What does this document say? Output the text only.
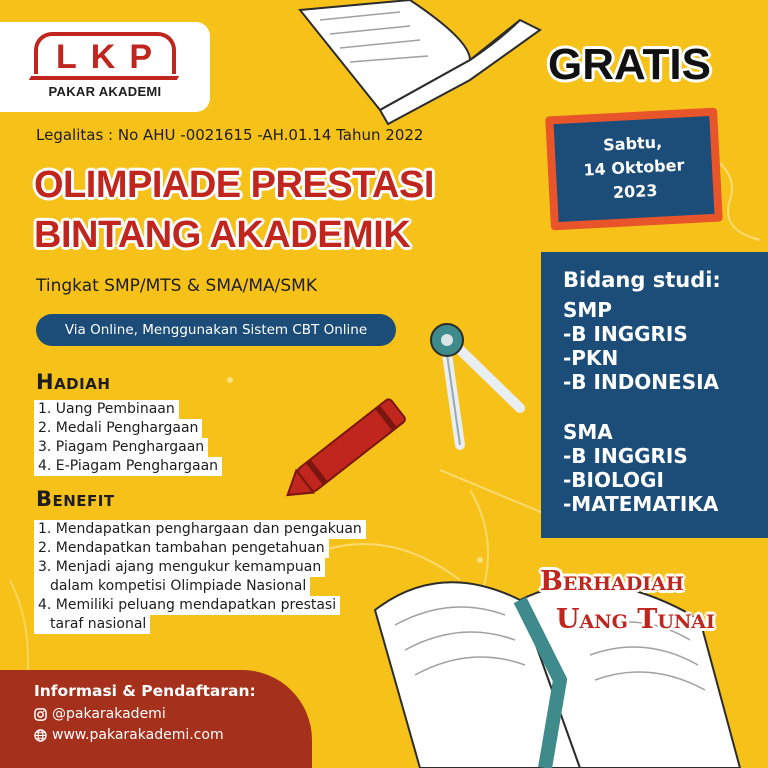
LKP
PAKAR AKADEMI
Legalitas : No AHU -0021615 -AH.01.14 Tahun 2022
OLIMPIADE PRESTASI
BINTANG AKADEMIK
Tingkat SMP/MTS & SMA/MA/SMK
Via Online, Menggunakan Sistem CBT Online
Hadiah
1. Uang Pembinaan
2. Medali Penghargaan
3. Piagam Penghargaan
4. E-Piagam Penghargaan
Benefit
1. Mendapatkan penghargaan dan pengakuan
2. Mendapatkan tambahan pengetahuan
3. Menjadi ajang mengukur kemampuan
dalam kompetisi Olimpiade Nasional
4. Memiliki peluang mendapatkan prestasi
taraf nasional
Informasi & Pendaftaran:
@pakarakademi
www.pakarakademi.com
GRATIS
Sabtu,
14 Oktober
2023
Bidang studi:
SMP
-B INGGRIS
-PKN
-B INDONESIA
SMA
-B INGGRIS
-BIOLOGI
-MATEMATIKA
Berhadiah
Uang Tunai
